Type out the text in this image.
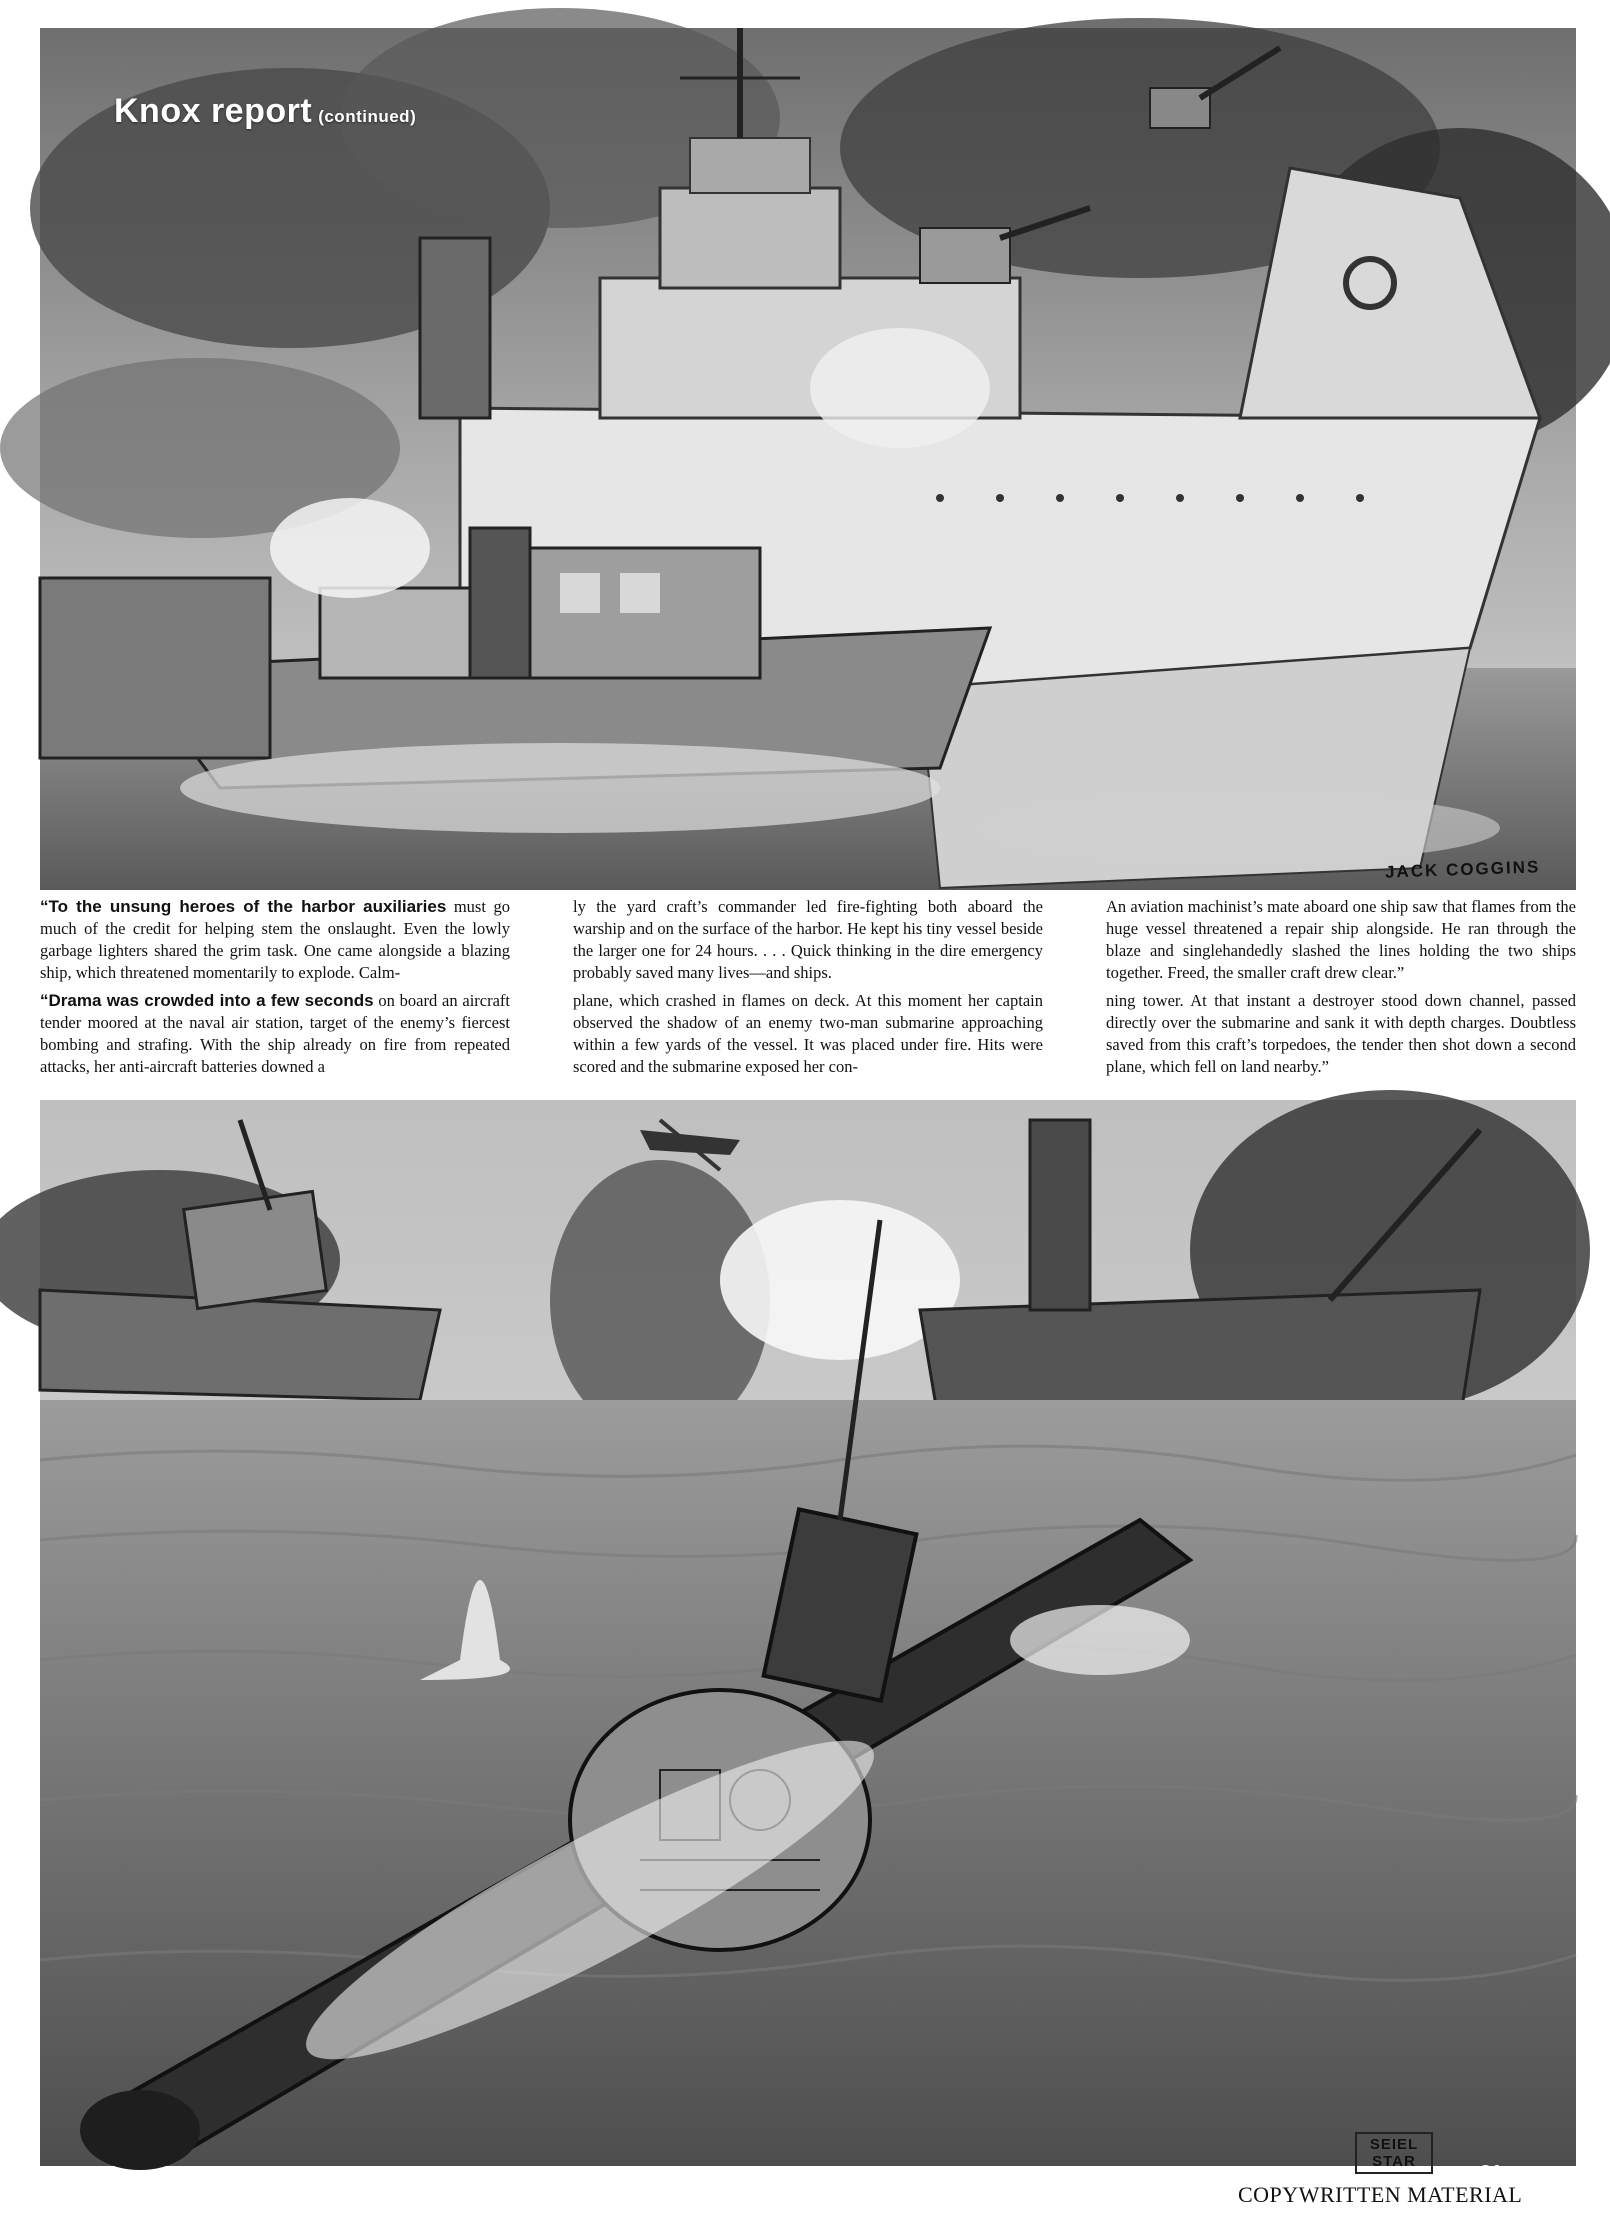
Knox report (continued)
JACK COGGINS
“To the unsung heroes of the harbor auxiliaries must go much of the credit for helping stem the onslaught. Even the lowly garbage lighters shared the grim task. One came alongside a blazing ship, which threatened momentarily to explode. Calm-
ly the yard craft’s commander led fire-fighting both aboard the warship and on the surface of the harbor. He kept his tiny vessel beside the larger one for 24 hours. . . . Quick thinking in the dire emergency probably saved many lives—and ships.
An aviation machinist’s mate aboard one ship saw that flames from the huge vessel threatened a repair ship alongside. He ran through the blaze and singlehandedly slashed the lines holding the two ships together. Freed, the smaller craft drew clear.”
“Drama was crowded into a few seconds on board an aircraft tender moored at the naval air station, target of the enemy’s fiercest bombing and strafing. With the ship already on fire from repeated attacks, her anti-aircraft batteries downed a
plane, which crashed in flames on deck. At this moment her captain observed the shadow of an enemy two-man submarine approaching within a few yards of the vessel. It was placed under fire. Hits were scored and the submarine exposed her con-
ning tower. At that instant a destroyer stood down channel, passed directly over the submarine and sank it with depth charges. Doubtless saved from this craft’s torpedoes, the tender then shot down a second plane, which fell on land nearby.”
SEIEL STAR
31
COPYWRITTEN MATERIAL
